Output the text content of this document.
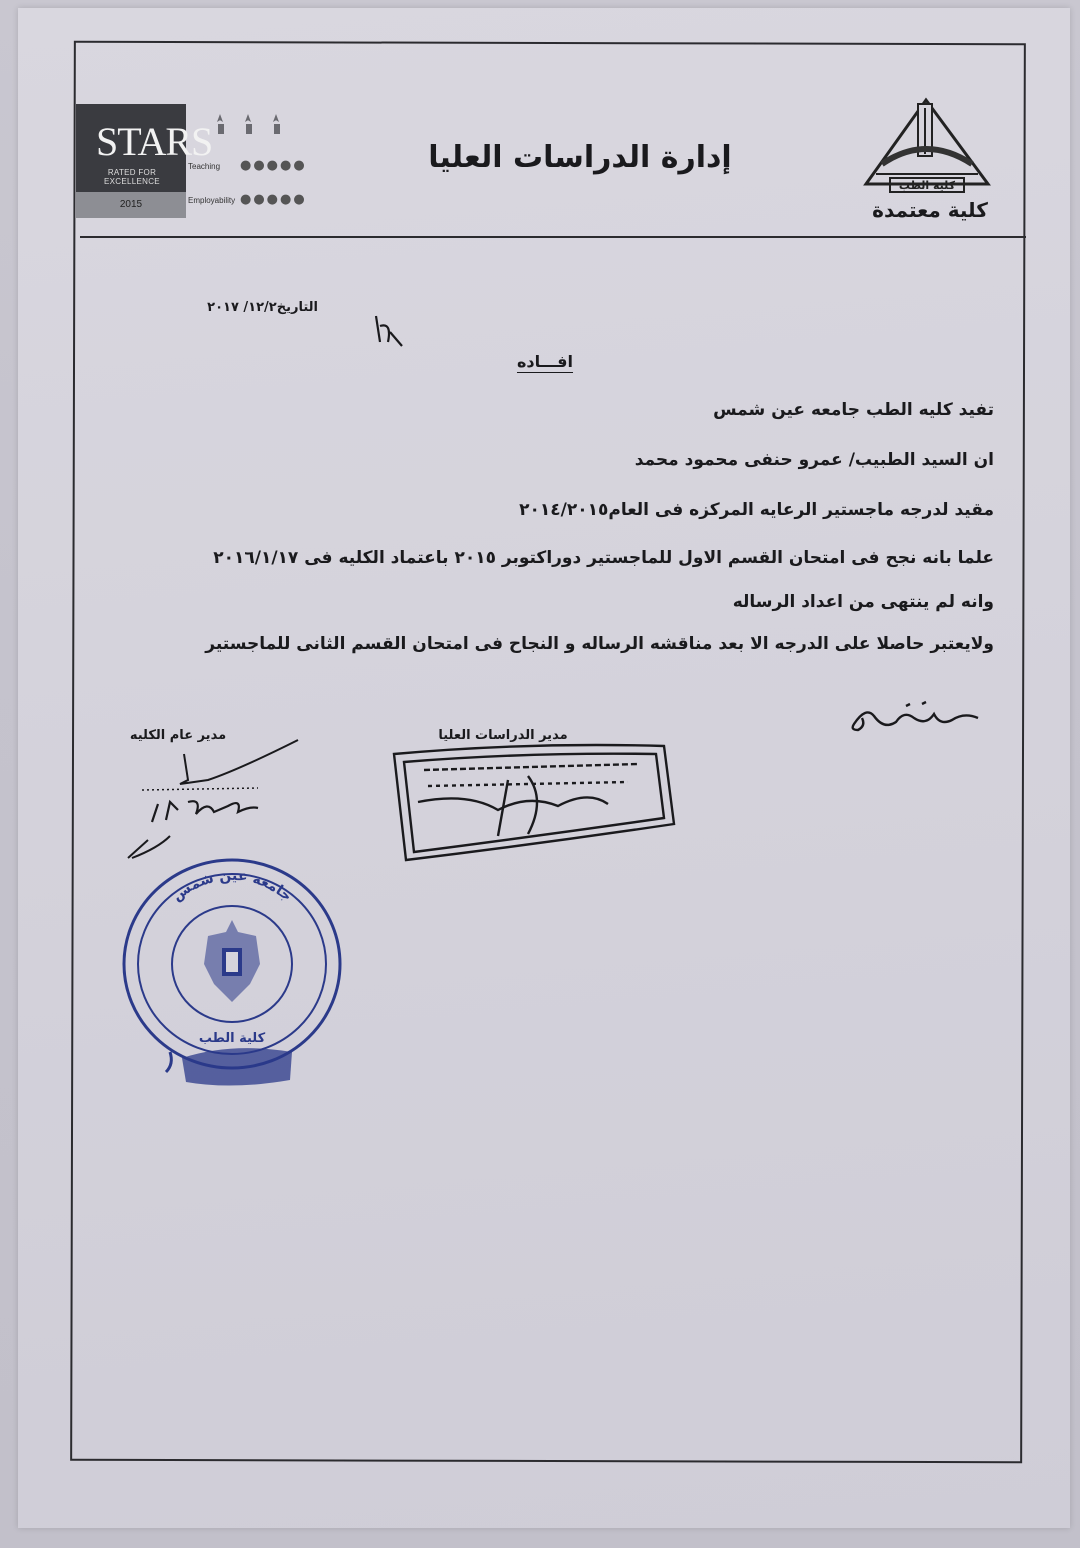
STARS
RATED FOR EXCELLENCE
2015
Teaching ●●●●●
Employability ●●●●●
إدارة الدراسات العليا
كلية الطب
كلية معتمدة
التاريخ١٢/٢/ ٢٠١٧
افـــاده
تفيد كليه الطب جامعه عين شمس
ان السيد الطبيب/ عمرو حنفى محمود محمد
مقيد لدرجه ماجستير الرعايه المركزه فى العام٢٠١٤/٢٠١٥
علما بانه نجح فى امتحان القسم الاول للماجستير دوراكتوبر ٢٠١٥ باعتماد الكليه فى ٢٠١٦/١/١٧
وانه لم ينتهى من اعداد الرساله
ولايعتبر حاصلا على الدرجه الا بعد مناقشه الرساله و النجاح فى امتحان القسم الثانى للماجستير
مدير عام الكليه	مدير الدراسات العليا
جامعة عين شمس
كلية الطب
